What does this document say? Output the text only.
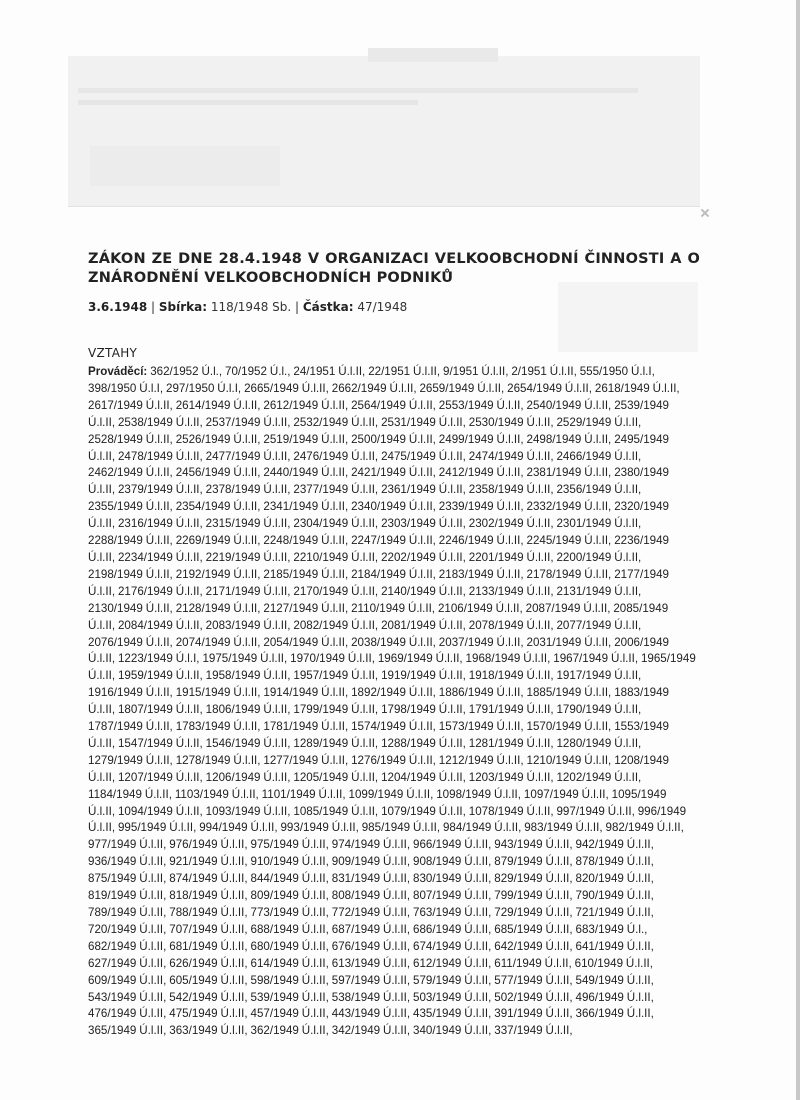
ZÁKON ZE DNE 28.4.1948 V ORGANIZACI VELKOOBCHODNÍ ČINNOSTI A O ZNÁRODNĚNÍ VELKOOBCHODNÍCH PODNIKŮ
3.6.1948 | Sbírka: 118/1948 Sb. | Částka: 47/1948
VZTAHY

Prováděcí: 362/1952 Ú.l., 70/1952 Ú.l., 24/1951 Ú.l.II, 22/1951 Ú.l.II, 9/1951 Ú.l.II, 2/1951 Ú.l.II, 555/1950 Ú.l.I, 398/1950 Ú.l.I, 297/1950 Ú.l.I, 2665/1949 Ú.l.II, 2662/1949 Ú.l.II, 2659/1949 Ú.l.II, 2654/1949 Ú.l.II, 2618/1949 Ú.l.II, 2617/1949 Ú.l.II, 2614/1949 Ú.l.II, 2612/1949 Ú.l.II, 2564/1949 Ú.l.II, 2553/1949 Ú.l.II, 2540/1949 Ú.l.II, 2539/1949 Ú.l.II, 2538/1949 Ú.l.II, 2537/1949 Ú.l.II, 2532/1949 Ú.l.II, 2531/1949 Ú.l.II, 2530/1949 Ú.l.II, 2529/1949 Ú.l.II, 2528/1949 Ú.l.II, 2526/1949 Ú.l.II, 2519/1949 Ú.l.II, 2500/1949 Ú.l.II, 2499/1949 Ú.l.II, 2498/1949 Ú.l.II, 2495/1949 Ú.l.II, 2478/1949 Ú.l.II, 2477/1949 Ú.l.II, 2476/1949 Ú.l.II, 2475/1949 Ú.l.II, 2474/1949 Ú.l.II, 2466/1949 Ú.l.II, 2462/1949 Ú.l.II, 2456/1949 Ú.l.II, 2440/1949 Ú.l.II, 2421/1949 Ú.l.II, 2412/1949 Ú.l.II, 2381/1949 Ú.l.II, 2380/1949 Ú.l.II, 2379/1949 Ú.l.II, 2378/1949 Ú.l.II, 2377/1949 Ú.l.II, 2361/1949 Ú.l.II, 2358/1949 Ú.l.II, 2356/1949 Ú.l.II, 2355/1949 Ú.l.II, 2354/1949 Ú.l.II, 2341/1949 Ú.l.II, 2340/1949 Ú.l.II, 2339/1949 Ú.l.II, 2332/1949 Ú.l.II, 2320/1949 Ú.l.II, 2316/1949 Ú.l.II, 2315/1949 Ú.l.II, 2304/1949 Ú.l.II, 2303/1949 Ú.l.II, 2302/1949 Ú.l.II, 2301/1949 Ú.l.II, 2288/1949 Ú.l.II, 2269/1949 Ú.l.II, 2248/1949 Ú.l.II, 2247/1949 Ú.l.II, 2246/1949 Ú.l.II, 2245/1949 Ú.l.II, 2236/1949 Ú.l.II, 2234/1949 Ú.l.II, 2219/1949 Ú.l.II, 2210/1949 Ú.l.II, 2202/1949 Ú.l.II, 2201/1949 Ú.l.II, 2200/1949 Ú.l.II, 2198/1949 Ú.l.II, 2192/1949 Ú.l.II, 2185/1949 Ú.l.II, 2184/1949 Ú.l.II, 2183/1949 Ú.l.II, 2178/1949 Ú.l.II, 2177/1949 Ú.l.II, 2176/1949 Ú.l.II, 2171/1949 Ú.l.II, 2170/1949 Ú.l.II, 2140/1949 Ú.l.II, 2133/1949 Ú.l.II, 2131/1949 Ú.l.II, 2130/1949 Ú.l.II, 2128/1949 Ú.l.II, 2127/1949 Ú.l.II, 2110/1949 Ú.l.II, 2106/1949 Ú.l.II, 2087/1949 Ú.l.II, 2085/1949 Ú.l.II, 2084/1949 Ú.l.II, 2083/1949 Ú.l.II, 2082/1949 Ú.l.II, 2081/1949 Ú.l.II, 2078/1949 Ú.l.II, 2077/1949 Ú.l.II, 2076/1949 Ú.l.II, 2074/1949 Ú.l.II, 2054/1949 Ú.l.II, 2038/1949 Ú.l.II, 2037/1949 Ú.l.II, 2031/1949 Ú.l.II, 2006/1949 Ú.l.II, 1223/1949 Ú.l.I, 1975/1949 Ú.l.II, 1970/1949 Ú.l.II, 1969/1949 Ú.l.II, 1968/1949 Ú.l.II, 1967/1949 Ú.l.II, 1965/1949 Ú.l.II, 1959/1949 Ú.l.II, 1958/1949 Ú.l.II, 1957/1949 Ú.l.II, 1919/1949 Ú.l.II, 1918/1949 Ú.l.II, 1917/1949 Ú.l.II, 1916/1949 Ú.l.II, 1915/1949 Ú.l.II, 1914/1949 Ú.l.II, 1892/1949 Ú.l.II, 1886/1949 Ú.l.II, 1885/1949 Ú.l.II, 1883/1949 Ú.l.II, 1807/1949 Ú.l.II, 1806/1949 Ú.l.II, 1799/1949 Ú.l.II, 1798/1949 Ú.l.II, 1791/1949 Ú.l.II, 1790/1949 Ú.l.II, 1787/1949 Ú.l.II, 1783/1949 Ú.l.II, 1781/1949 Ú.l.II, 1574/1949 Ú.l.II, 1573/1949 Ú.l.II, 1570/1949 Ú.l.II, 1553/1949 Ú.l.II, 1547/1949 Ú.l.II, 1546/1949 Ú.l.II, 1289/1949 Ú.l.II, 1288/1949 Ú.l.II, 1281/1949 Ú.l.II, 1280/1949 Ú.l.II, 1279/1949 Ú.l.II, 1278/1949 Ú.l.II, 1277/1949 Ú.l.II, 1276/1949 Ú.l.II, 1212/1949 Ú.l.II, 1210/1949 Ú.l.II, 1208/1949 Ú.l.II, 1207/1949 Ú.l.II, 1206/1949 Ú.l.II, 1205/1949 Ú.l.II, 1204/1949 Ú.l.II, 1203/1949 Ú.l.II, 1202/1949 Ú.l.II, 1184/1949 Ú.l.II, 1103/1949 Ú.l.II, 1101/1949 Ú.l.II, 1099/1949 Ú.l.II, 1098/1949 Ú.l.II, 1097/1949 Ú.l.II, 1095/1949 Ú.l.II, 1094/1949 Ú.l.II, 1093/1949 Ú.l.II, 1085/1949 Ú.l.II, 1079/1949 Ú.l.II, 1078/1949 Ú.l.II, 997/1949 Ú.l.II, 996/1949 Ú.l.II, 995/1949 Ú.l.II, 994/1949 Ú.l.II, 993/1949 Ú.l.II, 985/1949 Ú.l.II, 984/1949 Ú.l.II, 983/1949 Ú.l.II, 982/1949 Ú.l.II, 977/1949 Ú.l.II, 976/1949 Ú.l.II, 975/1949 Ú.l.II, 974/1949 Ú.l.II, 966/1949 Ú.l.II, 943/1949 Ú.l.II, 942/1949 Ú.l.II, 936/1949 Ú.l.II, 921/1949 Ú.l.II, 910/1949 Ú.l.II, 909/1949 Ú.l.II, 908/1949 Ú.l.II, 879/1949 Ú.l.II, 878/1949 Ú.l.II, 875/1949 Ú.l.II, 874/1949 Ú.l.II, 844/1949 Ú.l.II, 831/1949 Ú.l.II, 830/1949 Ú.l.II, 829/1949 Ú.l.II, 820/1949 Ú.l.II, 819/1949 Ú.l.II, 818/1949 Ú.l.II, 809/1949 Ú.l.II, 808/1949 Ú.l.II, 807/1949 Ú.l.II, 799/1949 Ú.l.II, 790/1949 Ú.l.II, 789/1949 Ú.l.II, 788/1949 Ú.l.II, 773/1949 Ú.l.II, 772/1949 Ú.l.II, 763/1949 Ú.l.II, 729/1949 Ú.l.II, 721/1949 Ú.l.II, 720/1949 Ú.l.II, 707/1949 Ú.l.II, 688/1949 Ú.l.II, 687/1949 Ú.l.II, 686/1949 Ú.l.II, 685/1949 Ú.l.II, 683/1949 Ú.l., 682/1949 Ú.l.II, 681/1949 Ú.l.II, 680/1949 Ú.l.II, 676/1949 Ú.l.II, 674/1949 Ú.l.II, 642/1949 Ú.l.II, 641/1949 Ú.l.II, 627/1949 Ú.l.II, 626/1949 Ú.l.II, 614/1949 Ú.l.II, 613/1949 Ú.l.II, 612/1949 Ú.l.II, 611/1949 Ú.l.II, 610/1949 Ú.l.II, 609/1949 Ú.l.II, 605/1949 Ú.l.II, 598/1949 Ú.l.II, 597/1949 Ú.l.II, 579/1949 Ú.l.II, 577/1949 Ú.l.II, 549/1949 Ú.l.II, 543/1949 Ú.l.II, 542/1949 Ú.l.II, 539/1949 Ú.l.II, 538/1949 Ú.l.II, 503/1949 Ú.l.II, 502/1949 Ú.l.II, 496/1949 Ú.l.II, 476/1949 Ú.l.II, 475/1949 Ú.l.II, 457/1949 Ú.l.II, 443/1949 Ú.l.II, 435/1949 Ú.l.II, 391/1949 Ú.l.II, 366/1949 Ú.l.II, 365/1949 Ú.l.II, 363/1949 Ú.l.II, 362/1949 Ú.l.II, 342/1949 Ú.l.II, 340/1949 Ú.l.II, 337/1949 Ú.l.II,
